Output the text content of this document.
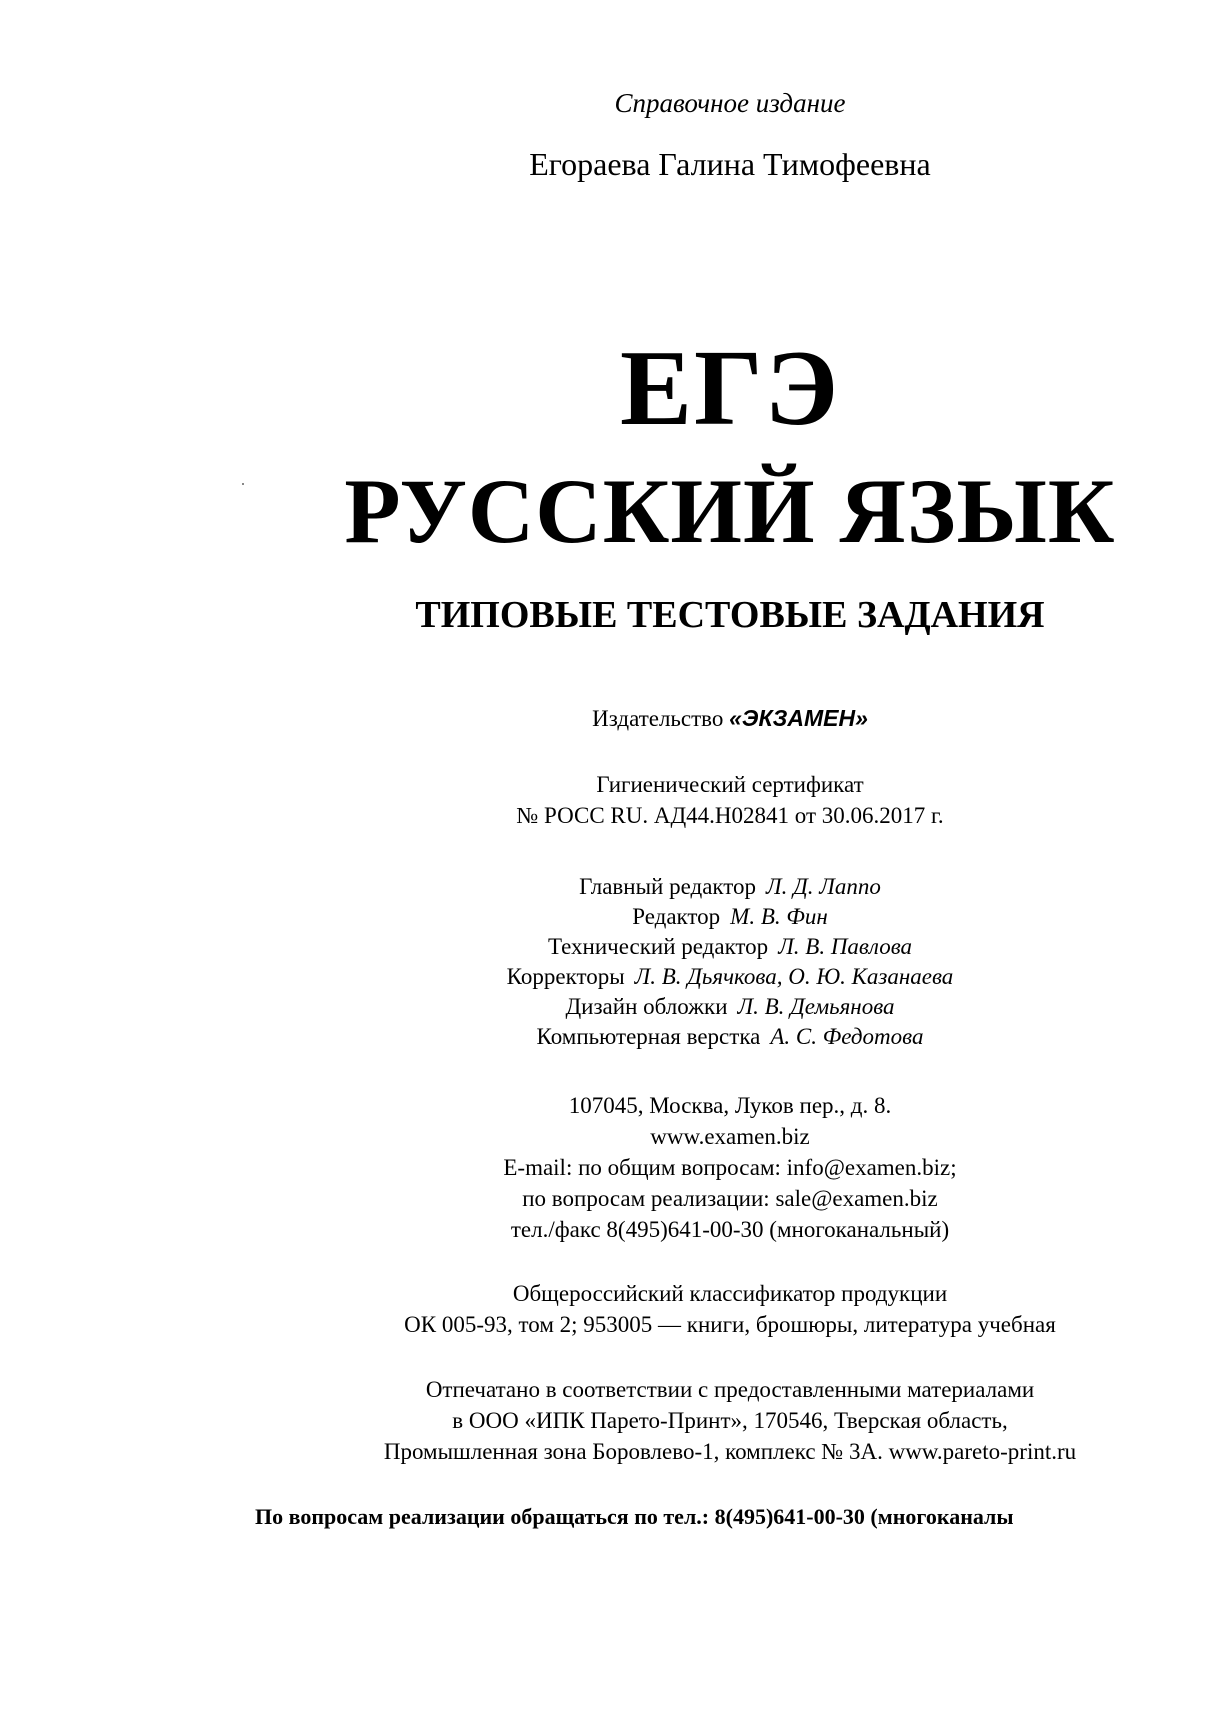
Справочное издание
Егораева Галина Тимофеевна
ЕГЭ
РУССКИЙ ЯЗЫК
ТИПОВЫЕ ТЕСТОВЫЕ ЗАДАНИЯ
Издательство «ЭКЗАМЕН»
Гигиенический сертификат
№ РОСС RU. АД44.Н02841 от 30.06.2017 г.
Главный редактор Л. Д. Лаппо
Редактор М. В. Фин
Технический редактор Л. В. Павлова
Корректоры Л. В. Дьячкова, О. Ю. Казанаева
Дизайн обложки Л. В. Демьянова
Компьютерная верстка А. С. Федотова
107045, Москва, Луков пер., д. 8.
www.examen.biz
E-mail: по общим вопросам: info@examen.biz;
по вопросам реализации: sale@examen.biz
тел./факс 8(495)641-00-30 (многоканальный)
Общероссийский классификатор продукции
ОК 005-93, том 2; 953005 — книги, брошюры, литература учебная
Отпечатано в соответствии с предоставленными материалами
в ООО «ИПК Парето-Принт», 170546, Тверская область,
Промышленная зона Боровлево-1, комплекс № 3А. www.pareto-print.ru
По вопросам реализации обращаться по тел.: 8(495)641-00-30 (многоканалы
